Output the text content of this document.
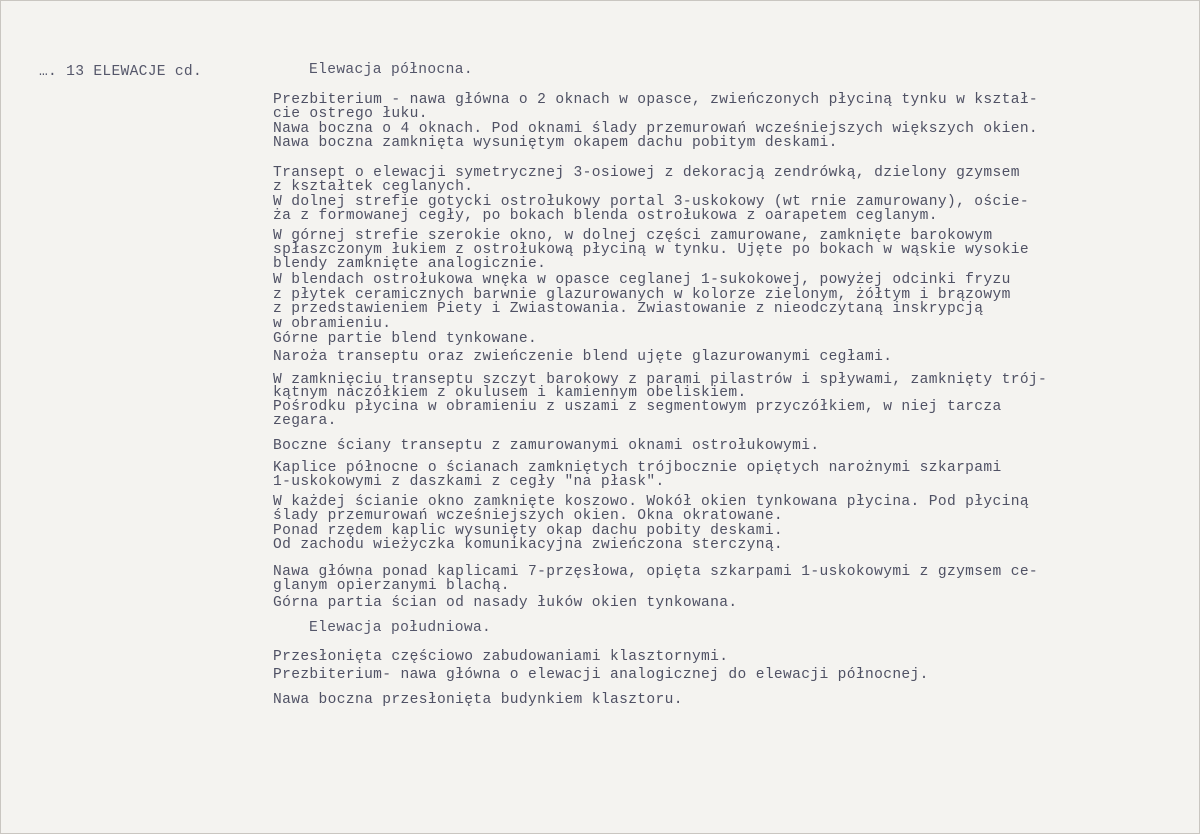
…. 13 ELEWACJE cd.	Elewacja północna.
Prezbiterium - nawa główna o 2 oknach w opasce, zwieńczonych płyciną tynku w kształ-
cie ostrego łuku.
Nawa boczna o 4 oknach. Pod oknami ślady przemurowań wcześniejszych większych okien.
Nawa boczna zamknięta wysuniętym okapem dachu pobitym deskami.
Transept o elewacji symetrycznej 3-osiowej z dekoracją zendrówką, dzielony gzymsem
z kształtek ceglanych.
W dolnej strefie gotycki ostrołukowy portal 3-uskokowy (wt rnie zamurowany), oście-
ża z formowanej cegły, po bokach blenda ostrołukowa z oarapetem ceglanym.
W górnej strefie szerokie okno, w dolnej części zamurowane, zamknięte barokowym
spłaszczonym łukiem z ostrołukową płyciną w tynku. Ujęte po bokach w wąskie wysokie
blendy zamknięte analogicznie.
W blendach ostrołukowa wnęka w opasce ceglanej 1-sukokowej, powyżej odcinki fryzu
z płytek ceramicznych barwnie glazurowanych w kolorze zielonym, żółtym i brązowym
z przedstawieniem Piety i Zwiastowania. Zwiastowanie z nieodczytaną inskrypcją
w obramieniu.
Górne partie blend tynkowane.
Naroża transeptu oraz zwieńczenie blend ujęte glazurowanymi cegłami.
W zamknięciu transeptu szczyt barokowy z parami pilastrów i spływami, zamknięty trój-
kątnym naczółkiem z okulusem i kamiennym obeliskiem.
Pośrodku płycina w obramieniu z uszami z segmentowym przyczółkiem, w niej tarcza
zegara.
Boczne ściany transeptu z zamurowanymi oknami ostrołukowymi.
Kaplice północne o ścianach zamkniętych trójbocznie opiętych narożnymi szkarpami
1-uskokowymi z daszkami z cegły "na płask".
W każdej ścianie okno zamknięte koszowo. Wokół okien tynkowana płycina. Pod płyciną
ślady przemurowań wcześniejszych okien. Okna okratowane.
Ponad rzędem kaplic wysunięty okap dachu pobity deskami.
Od zachodu wieżyczka komunikacyjna zwieńczona sterczyną.
Nawa główna ponad kaplicami 7-przęsłowa, opięta szkarpami 1-uskokowymi z gzymsem ce-
glanym opierzanymi blachą.
Górna partia ścian od nasady łuków okien tynkowana.
Elewacja południowa.
Przesłonięta częściowo zabudowaniami klasztornymi.
Prezbiterium- nawa główna o elewacji analogicznej do elewacji północnej.
Nawa boczna przesłonięta budynkiem klasztoru.
